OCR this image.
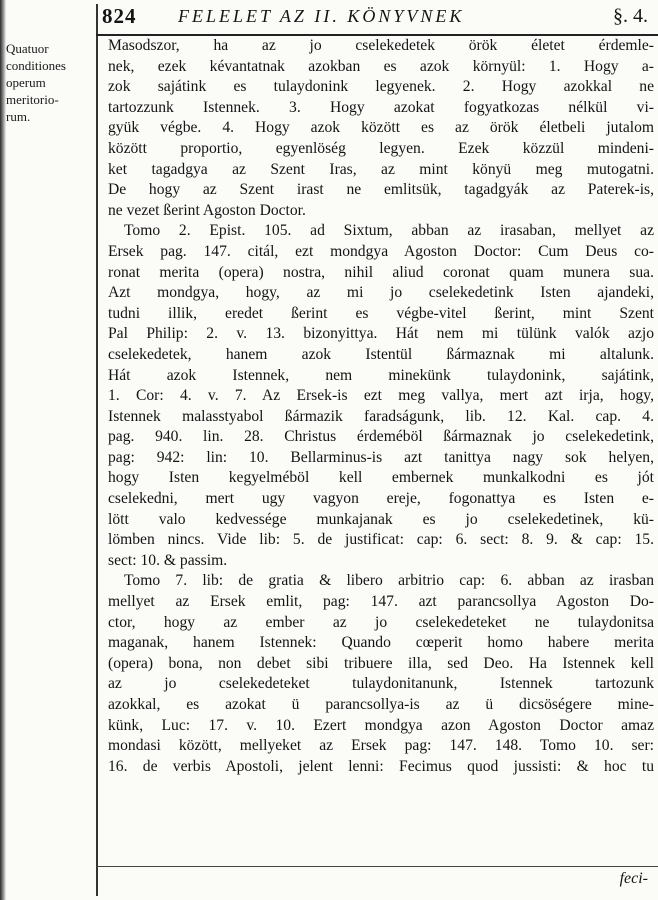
824 FELELET AZ II. KÖNYVNEK	§. 4.
Quatuor
conditiones
operum
meritorio-
rum.
Masodszor, ha az jo cselekedetek örök életet érdemle-
nek, ezek kévantatnak azokban es azok környül: 1. Hogy a-
zok sajátink es tulaydonink legyenek. 2. Hogy azokkal ne
tartozzunk Istennek. 3. Hogy azokat fogyatkozas nélkül vi-
gyük végbe. 4. Hogy azok között es az örök életbeli jutalom
között proportio, egyenlöség legyen. Ezek közzül mindeni-
ket tagadgya az Szent Iras, az mint könyü meg mutogatni.
De hogy az Szent irast ne emlitsük, tagadgyák az Paterek-is,
ne vezet ßerint Agoston Doctor.
Tomo 2. Epist. 105. ad Sixtum, abban az irasaban, mellyet az
Ersek pag. 147. citál, ezt mondgya Agoston Doctor: Cum Deus co-
ronat merita (opera) nostra, nihil aliud coronat quam munera sua.
Azt mondgya, hogy, az mi jo cselekedetink Isten ajandeki,
tudni illik, eredet ßerint es végbe-vitel ßerint, mint Szent
Pal Philip: 2. v. 13. bizonyittya. Hát nem mi tülünk valók azjo
cselekedetek, hanem azok Istentül ßármaznak mi altalunk.
Hát azok Istennek, nem minekünk tulaydonink, sajátink,
1. Cor: 4. v. 7. Az Ersek-is ezt meg vallya, mert azt irja, hogy,
Istennek malasstyabol ßármazik faradságunk, lib. 12. Kal. cap. 4.
pag. 940. lin. 28. Christus érdeméböl ßármaznak jo cselekedetink,
pag: 942: lin: 10. Bellarminus-is azt tanittya nagy sok helyen,
hogy Isten kegyelméböl kell embernek munkalkodni es jót
cselekedni, mert ugy vagyon ereje, fogonattya es Isten e-
lött valo kedvessége munkajanak es jo cselekedetinek, kü-
lömben nincs. Vide lib: 5. de justificat: cap: 6. sect: 8. 9. & cap: 15.
sect: 10. & passim.
Tomo 7. lib: de gratia & libero arbitrio cap: 6. abban az irasban
mellyet az Ersek emlit, pag: 147. azt parancsollya Agoston Do-
ctor, hogy az ember az jo cselekedeteket ne tulaydonitsa
maganak, hanem Istennek: Quando cœperit homo habere merita
(opera) bona, non debet sibi tribuere illa, sed Deo. Ha Istennek kell
az jo cselekedeteket tulaydonitanunk, Istennek tartozunk
azokkal, es azokat ü parancsollya-is az ü dicsöségere mine-
künk, Luc: 17. v. 10. Ezert mondgya azon Agoston Doctor amaz
mondasi között, mellyeket az Ersek pag: 147. 148. Tomo 10. ser:
16. de verbis Apostoli, jelent lenni: Fecimus quod jussisti: & hoc tu
feci-
